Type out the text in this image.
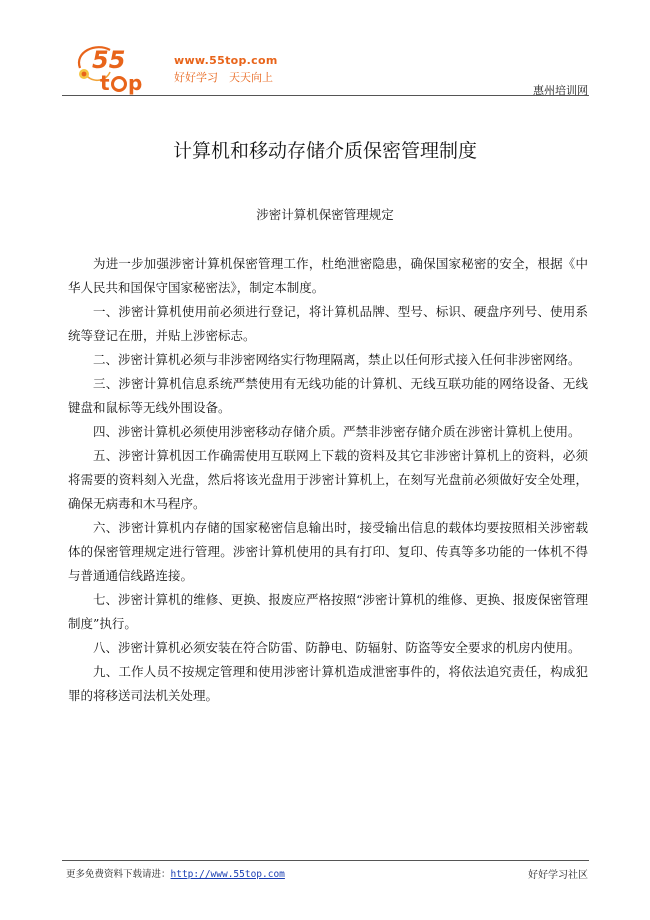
55
t p
www.55top.com
好好学习　天天向上
惠州培训网
计算机和移动存储介质保密管理制度
涉密计算机保密管理规定

为进一步加强涉密计算机保密管理工作，杜绝泄密隐患，确保国家秘密的安全，根据《中华人民共和国保守国家秘密法》，制定本制度。

一、涉密计算机使用前必须进行登记，将计算机品牌、型号、标识、硬盘序列号、使用系统等登记在册，并贴上涉密标志。

二、涉密计算机必须与非涉密网络实行物理隔离，禁止以任何形式接入任何非涉密网络。

三、涉密计算机信息系统严禁使用有无线功能的计算机、无线互联功能的网络设备、无线键盘和鼠标等无线外围设备。

四、涉密计算机必须使用涉密移动存储介质。严禁非涉密存储介质在涉密计算机上使用。

五、涉密计算机因工作确需使用互联网上下载的资料及其它非涉密计算机上的资料，必须将需要的资料刻入光盘，然后将该光盘用于涉密计算机上，在刻写光盘前必须做好安全处理，确保无病毒和木马程序。

六、涉密计算机内存储的国家秘密信息输出时，接受输出信息的载体均要按照相关涉密载体的保密管理规定进行管理。涉密计算机使用的具有打印、复印、传真等多功能的一体机不得与普通通信线路连接。

七、涉密计算机的维修、更换、报废应严格按照“涉密计算机的维修、更换、报废保密管理制度”执行。

八、涉密计算机必须安装在符合防雷、防静电、防辐射、防盗等安全要求的机房内使用。

九、工作人员不按规定管理和使用涉密计算机造成泄密事件的，将依法追究责任，构成犯罪的将移送司法机关处理。

更多免费资料下载请进：http://www.55top.com	好好学习社区
